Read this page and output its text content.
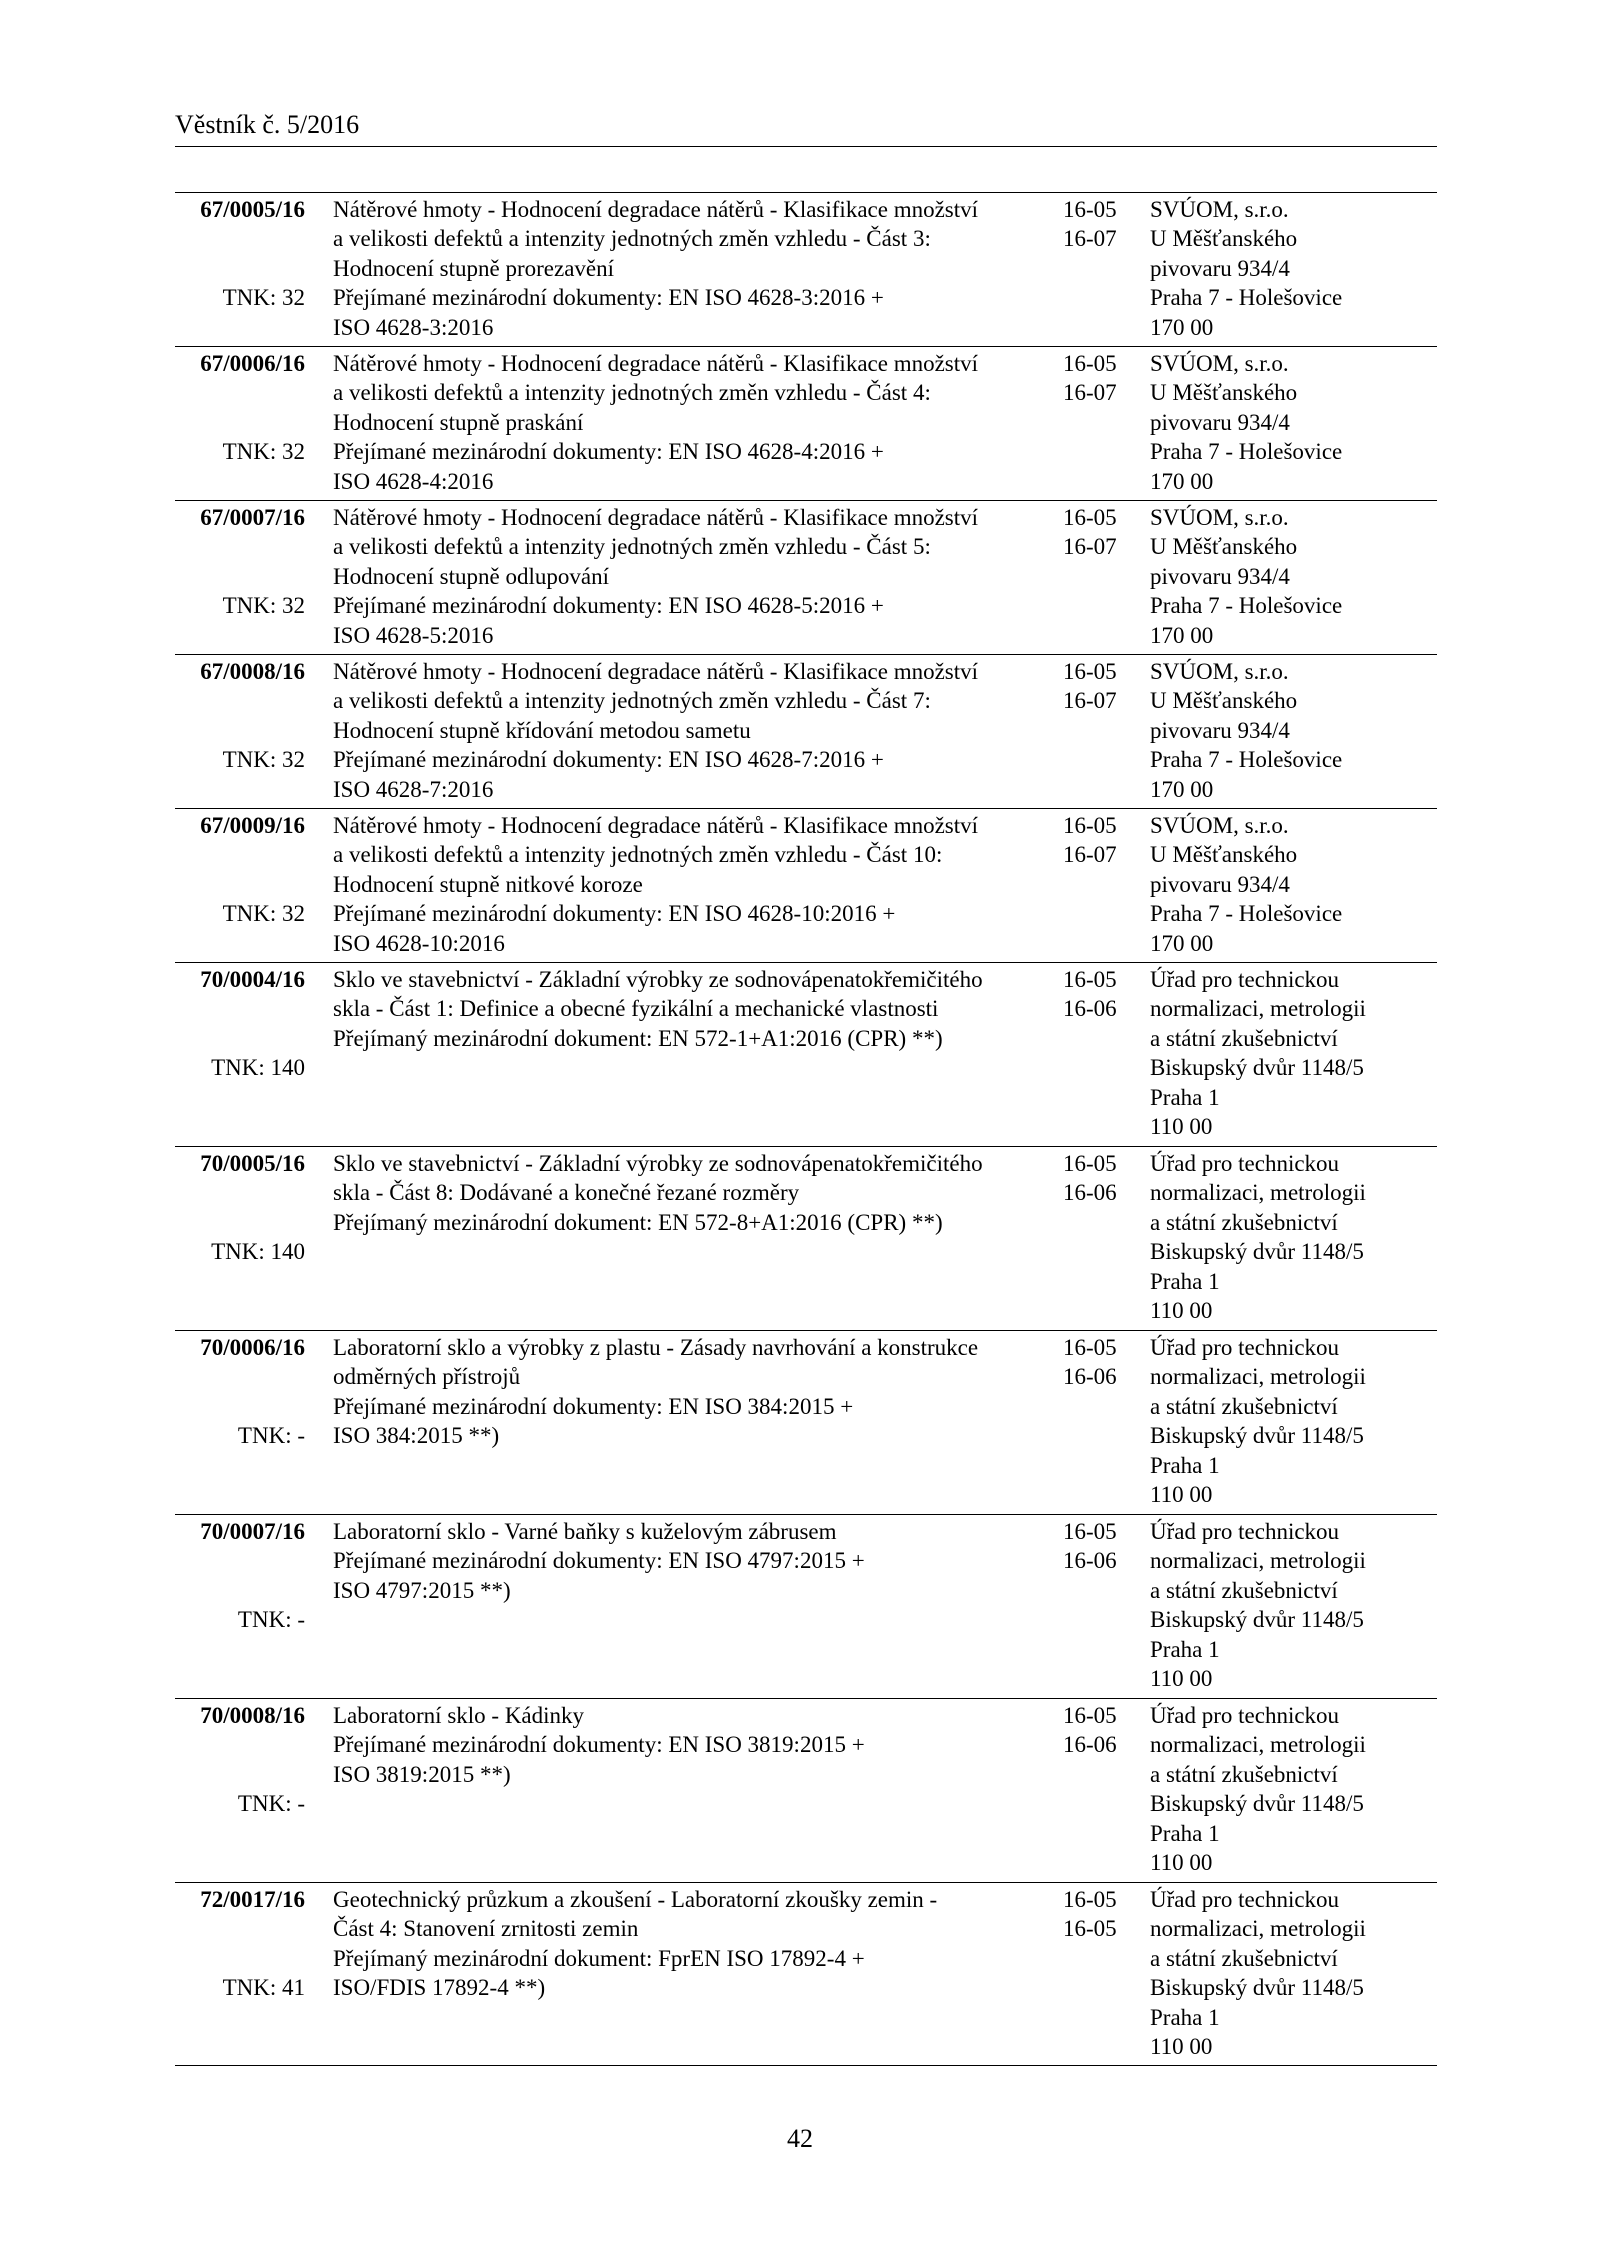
Věstník č. 5/2016
67/0005/16

TNK: 32
Nátěrové hmoty - Hodnocení degradace nátěrů - Klasifikace množství
a velikosti defektů a intenzity jednotných změn vzhledu - Část 3:
Hodnocení stupně prorezavění
Přejímané mezinárodní dokumenty: EN ISO 4628-3:2016 +
ISO 4628-3:2016
16-05
16-07
SVÚOM, s.r.o.
U Měšťanského
pivovaru 934/4
Praha 7 - Holešovice
170 00
67/0006/16

TNK: 32
Nátěrové hmoty - Hodnocení degradace nátěrů - Klasifikace množství
a velikosti defektů a intenzity jednotných změn vzhledu - Část 4:
Hodnocení stupně praskání
Přejímané mezinárodní dokumenty: EN ISO 4628-4:2016 +
ISO 4628-4:2016
16-05
16-07
SVÚOM, s.r.o.
U Měšťanského
pivovaru 934/4
Praha 7 - Holešovice
170 00
67/0007/16

TNK: 32
Nátěrové hmoty - Hodnocení degradace nátěrů - Klasifikace množství
a velikosti defektů a intenzity jednotných změn vzhledu - Část 5:
Hodnocení stupně odlupování
Přejímané mezinárodní dokumenty: EN ISO 4628-5:2016 +
ISO 4628-5:2016
16-05
16-07
SVÚOM, s.r.o.
U Měšťanského
pivovaru 934/4
Praha 7 - Holešovice
170 00
67/0008/16

TNK: 32
Nátěrové hmoty - Hodnocení degradace nátěrů - Klasifikace množství
a velikosti defektů a intenzity jednotných změn vzhledu - Část 7:
Hodnocení stupně křídování metodou sametu
Přejímané mezinárodní dokumenty: EN ISO 4628-7:2016 +
ISO 4628-7:2016
16-05
16-07
SVÚOM, s.r.o.
U Měšťanského
pivovaru 934/4
Praha 7 - Holešovice
170 00
67/0009/16

TNK: 32
Nátěrové hmoty - Hodnocení degradace nátěrů - Klasifikace množství
a velikosti defektů a intenzity jednotných změn vzhledu - Část 10:
Hodnocení stupně nitkové koroze
Přejímané mezinárodní dokumenty: EN ISO 4628-10:2016 +
ISO 4628-10:2016
16-05
16-07
SVÚOM, s.r.o.
U Měšťanského
pivovaru 934/4
Praha 7 - Holešovice
170 00
70/0004/16

TNK: 140
Sklo ve stavebnictví - Základní výrobky ze sodnovápenatokřemičitého
skla - Část 1: Definice a obecné fyzikální a mechanické vlastnosti
Přejímaný mezinárodní dokument: EN 572-1+A1:2016 (CPR) **)
16-05
16-06
Úřad pro technickou
normalizaci, metrologii
a státní zkušebnictví
Biskupský dvůr 1148/5
Praha 1
110 00
70/0005/16

TNK: 140
Sklo ve stavebnictví - Základní výrobky ze sodnovápenatokřemičitého
skla - Část 8: Dodávané a konečné řezané rozměry
Přejímaný mezinárodní dokument: EN 572-8+A1:2016 (CPR) **)
16-05
16-06
Úřad pro technickou
normalizaci, metrologii
a státní zkušebnictví
Biskupský dvůr 1148/5
Praha 1
110 00
70/0006/16

TNK: -
Laboratorní sklo a výrobky z plastu - Zásady navrhování a konstrukce
odměrných přístrojů
Přejímané mezinárodní dokumenty: EN ISO 384:2015 +
ISO 384:2015 **)
16-05
16-06
Úřad pro technickou
normalizaci, metrologii
a státní zkušebnictví
Biskupský dvůr 1148/5
Praha 1
110 00
70/0007/16

TNK: -
Laboratorní sklo - Varné baňky s kuželovým zábrusem
Přejímané mezinárodní dokumenty: EN ISO 4797:2015 +
ISO 4797:2015 **)
16-05
16-06
Úřad pro technickou
normalizaci, metrologii
a státní zkušebnictví
Biskupský dvůr 1148/5
Praha 1
110 00
70/0008/16

TNK: -
Laboratorní sklo - Kádinky
Přejímané mezinárodní dokumenty: EN ISO 3819:2015 +
ISO 3819:2015 **)
16-05
16-06
Úřad pro technickou
normalizaci, metrologii
a státní zkušebnictví
Biskupský dvůr 1148/5
Praha 1
110 00
72/0017/16

TNK: 41
Geotechnický průzkum a zkoušení - Laboratorní zkoušky zemin -
Část 4: Stanovení zrnitosti zemin
Přejímaný mezinárodní dokument: FprEN ISO 17892-4 +
ISO/FDIS 17892-4 **)
16-05
16-05
Úřad pro technickou
normalizaci, metrologii
a státní zkušebnictví
Biskupský dvůr 1148/5
Praha 1
110 00
42
